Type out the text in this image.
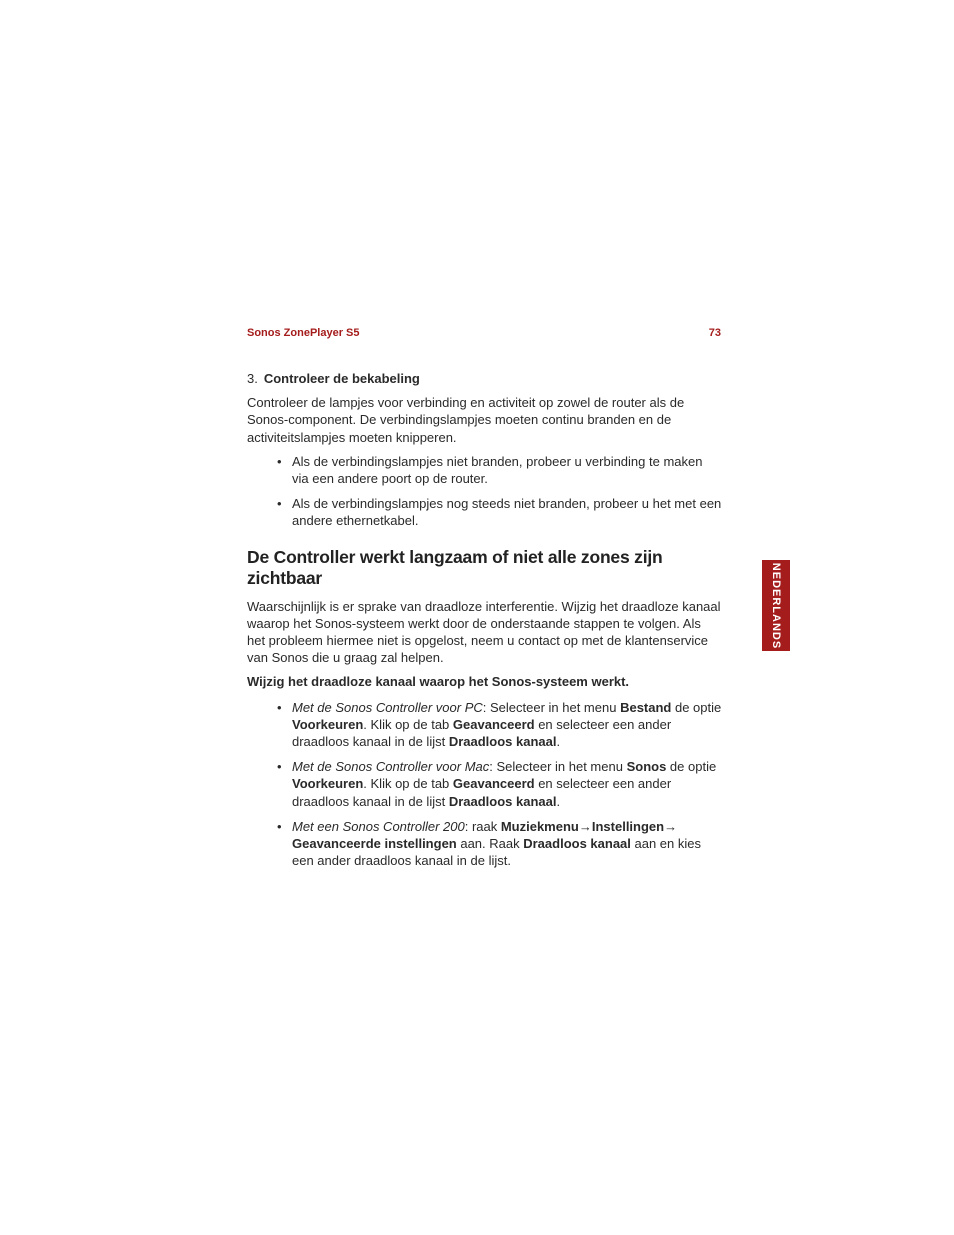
Sonos ZonePlayer S5	73
NEDERLANDS
3. Controleer de bekabeling

Controleer de lampjes voor verbinding en activiteit op zowel de router als de Sonos-component. De verbindingslampjes moeten continu branden en de activiteitslampjes moeten knipperen.

• Als de verbindingslampjes niet branden, probeer u verbinding te maken via een andere poort op de router.
• Als de verbindingslampjes nog steeds niet branden, probeer u het met een andere ethernetkabel.
De Controller werkt langzaam of niet alle zones zijn zichtbaar

Waarschijnlijk is er sprake van draadloze interferentie. Wijzig het draadloze kanaal waarop het Sonos-systeem werkt door de onderstaande stappen te volgen. Als het probleem hiermee niet is opgelost, neem u contact op met de klantenservice van Sonos die u graag zal helpen.

Wijzig het draadloze kanaal waarop het Sonos-systeem werkt.
• Met de Sonos Controller voor PC: Selecteer in het menu Bestand de optie Voorkeuren. Klik op de tab Geavanceerd en selecteer een ander draadloos kanaal in de lijst Draadloos kanaal.
• Met de Sonos Controller voor Mac: Selecteer in het menu Sonos de optie Voorkeuren. Klik op de tab Geavanceerd en selecteer een ander draadloos kanaal in de lijst Draadloos kanaal.
• Met een Sonos Controller 200: raak Muziekmenu→Instellingen→
Geavanceerde instellingen aan. Raak Draadloos kanaal aan en kies een ander draadloos kanaal in de lijst.
